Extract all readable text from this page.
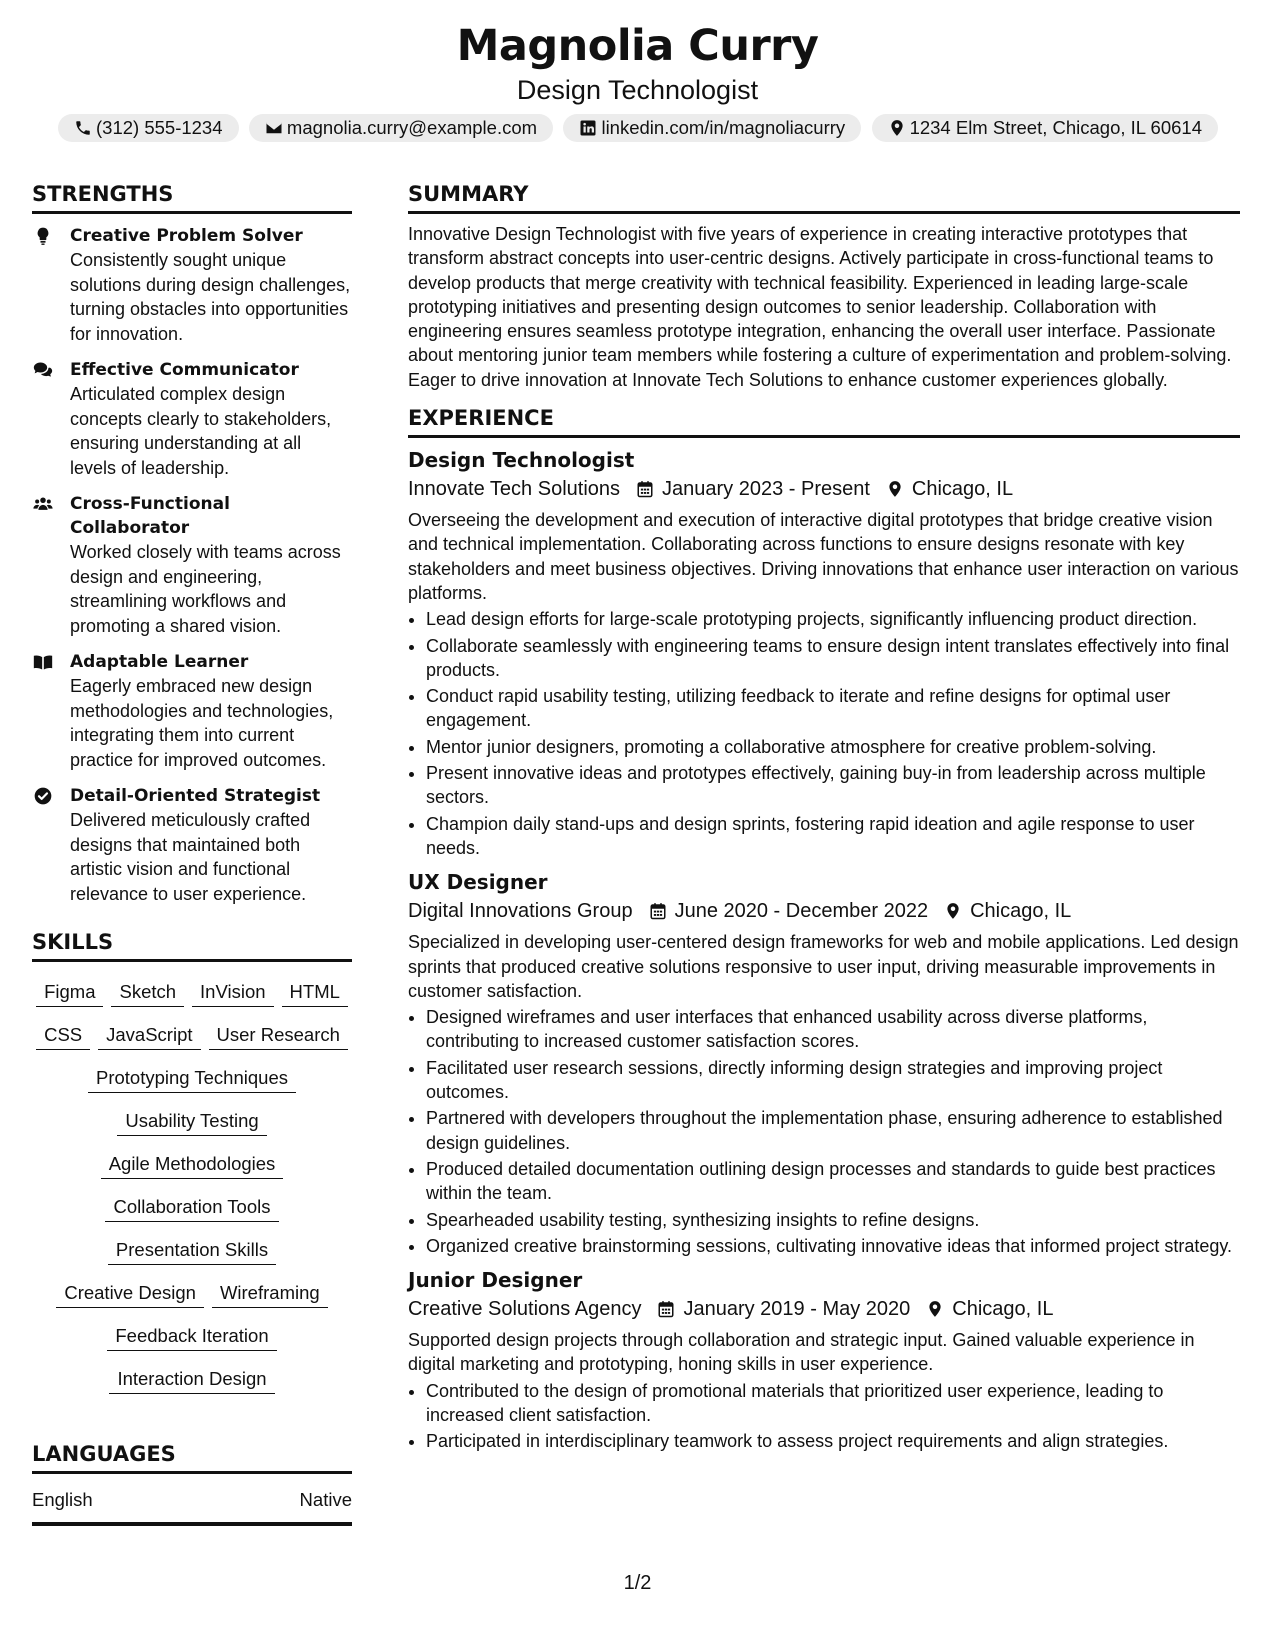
Magnolia Curry
Design Technologist
(312) 555-1234	magnolia.curry@example.com	linkedin.com/in/magnoliacurry	1234 Elm Street, Chicago, IL 60614
STRENGTHS
Creative Problem Solver
Consistently sought unique solutions during design challenges, turning obstacles into opportunities for innovation.
Effective Communicator
Articulated complex design concepts clearly to stakeholders, ensuring understanding at all levels of leadership.
Cross-Functional Collaborator
Worked closely with teams across design and engineering, streamlining workflows and promoting a shared vision.
Adaptable Learner
Eagerly embraced new design methodologies and technologies, integrating them into current practice for improved outcomes.
Detail-Oriented Strategist
Delivered meticulously crafted designs that maintained both artistic vision and functional relevance to user experience.
SKILLS
Figma	Sketch	InVision	HTML
CSS	JavaScript	User Research
Prototyping Techniques
Usability Testing
Agile Methodologies
Collaboration Tools
Presentation Skills
Creative Design	Wireframing
Feedback Iteration
Interaction Design
LANGUAGES
English	Native
SUMMARY
Innovative Design Technologist with five years of experience in creating interactive prototypes that transform abstract concepts into user-centric designs. Actively participate in cross-functional teams to develop products that merge creativity with technical feasibility. Experienced in leading large-scale prototyping initiatives and presenting design outcomes to senior leadership. Collaboration with engineering ensures seamless prototype integration, enhancing the overall user interface. Passionate about mentoring junior team members while fostering a culture of experimentation and problem-solving. Eager to drive innovation at Innovate Tech Solutions to enhance customer experiences globally.
EXPERIENCE
Design Technologist
Innovate Tech Solutions January 2023 - Present Chicago, IL
Overseeing the development and execution of interactive digital prototypes that bridge creative vision and technical implementation. Collaborating across functions to ensure designs resonate with key stakeholders and meet business objectives. Driving innovations that enhance user interaction on various platforms.
• Lead design efforts for large-scale prototyping projects, significantly influencing product direction.
• Collaborate seamlessly with engineering teams to ensure design intent translates effectively into final products.
• Conduct rapid usability testing, utilizing feedback to iterate and refine designs for optimal user engagement.
• Mentor junior designers, promoting a collaborative atmosphere for creative problem-solving.
• Present innovative ideas and prototypes effectively, gaining buy-in from leadership across multiple sectors.
• Champion daily stand-ups and design sprints, fostering rapid ideation and agile response to user needs.
UX Designer
Digital Innovations Group June 2020 - December 2022 Chicago, IL
Specialized in developing user-centered design frameworks for web and mobile applications. Led design sprints that produced creative solutions responsive to user input, driving measurable improvements in customer satisfaction.
• Designed wireframes and user interfaces that enhanced usability across diverse platforms, contributing to increased customer satisfaction scores.
• Facilitated user research sessions, directly informing design strategies and improving project outcomes.
• Partnered with developers throughout the implementation phase, ensuring adherence to established design guidelines.
• Produced detailed documentation outlining design processes and standards to guide best practices within the team.
• Spearheaded usability testing, synthesizing insights to refine designs.
• Organized creative brainstorming sessions, cultivating innovative ideas that informed project strategy.
Junior Designer
Creative Solutions Agency January 2019 - May 2020 Chicago, IL
Supported design projects through collaboration and strategic input. Gained valuable experience in digital marketing and prototyping, honing skills in user experience.
• Contributed to the design of promotional materials that prioritized user experience, leading to increased client satisfaction.
• Participated in interdisciplinary teamwork to assess project requirements and align strategies.
1/2
